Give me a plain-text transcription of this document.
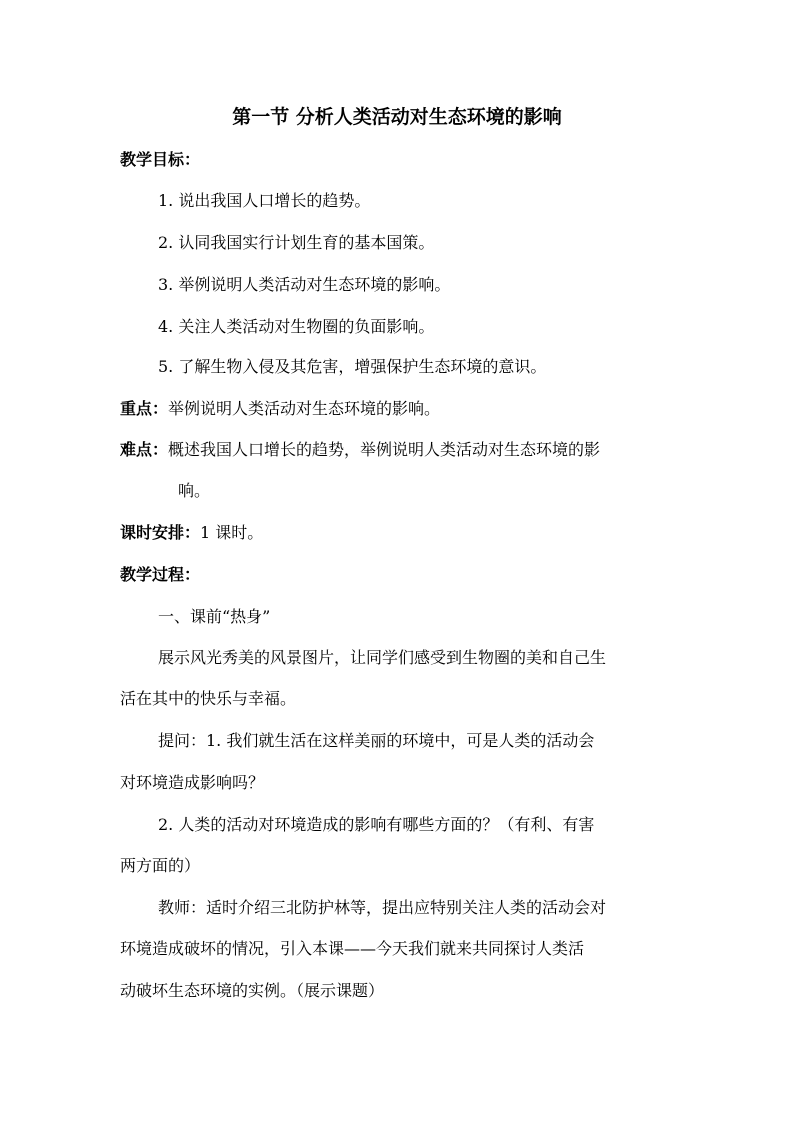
第一节 分析人类活动对生态环境的影响
教学目标：
1. 说出我国人口增长的趋势。
2. 认同我国实行计划生育的基本国策。
3. 举例说明人类活动对生态环境的影响。
4. 关注人类活动对生物圈的负面影响。
5. 了解生物入侵及其危害，增强保护生态环境的意识。
重点：举例说明人类活动对生态环境的影响。
难点：概述我国人口增长的趋势，举例说明人类活动对生态环境的影
响。
课时安排：1 课时。
教学过程：
一、课前“热身”
展示风光秀美的风景图片，让同学们感受到生物圈的美和自己生
活在其中的快乐与幸福。
提问：1. 我们就生活在这样美丽的环境中，可是人类的活动会
对环境造成影响吗？
2. 人类的活动对环境造成的影响有哪些方面的？（有利、有害
两方面的）
教师：适时介绍三北防护林等，提出应特别关注人类的活动会对
环境造成破坏的情况，引入本课——今天我们就来共同探讨人类活
动破坏生态环境的实例。（展示课题）
